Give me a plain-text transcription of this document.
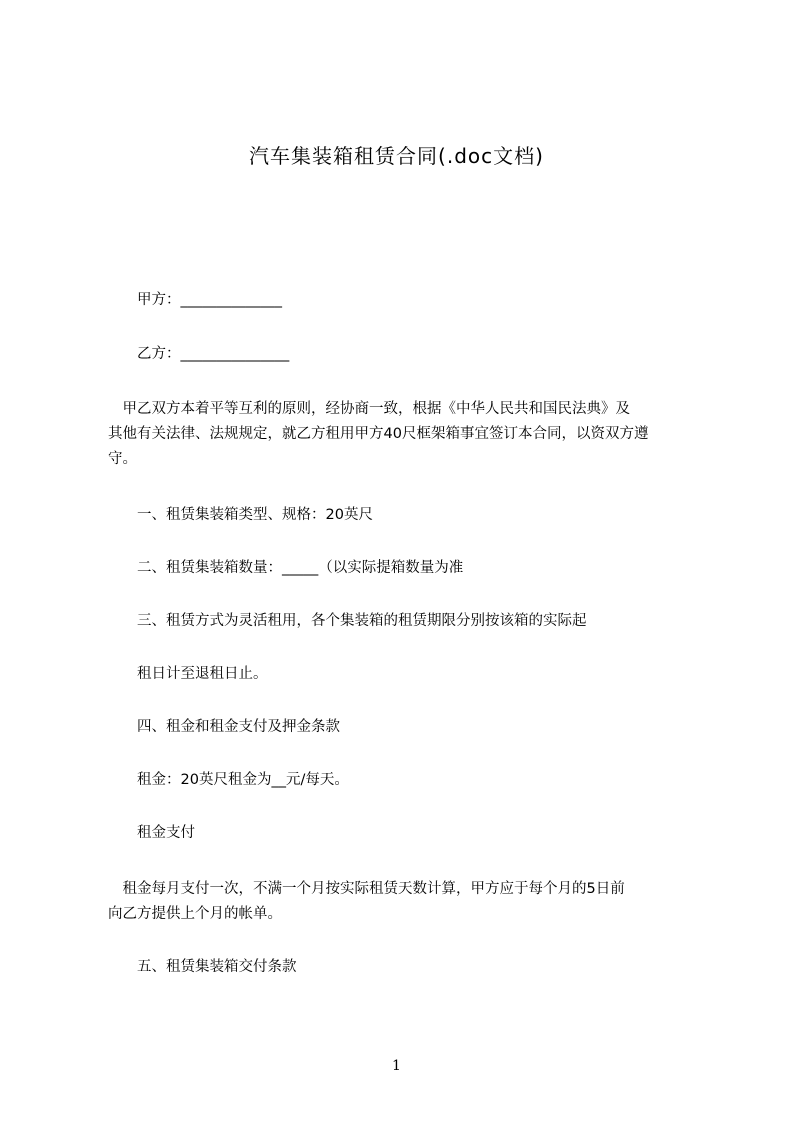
汽车集装箱租赁合同(.doc文档)
甲方：______________
乙方：_______________
　甲乙双方本着平等互利的原则，经协商一致，根据《中华人民共和国民法典》及
其他有关法律、法规规定，就乙方租用甲方40尺框架箱事宜签订本合同，以资双方遵
守。
一、租赁集装箱类型、规格：20英尺
二、租赁集装箱数量：_____（以实际提箱数量为准
三、租赁方式为灵活租用，各个集装箱的租赁期限分别按该箱的实际起
租日计至退租日止。
四、租金和租金支付及押金条款
租金：20英尺租金为__元/每天。
租金支付
　租金每月支付一次，不满一个月按实际租赁天数计算，甲方应于每个月的5日前
向乙方提供上个月的帐单。
五、租赁集装箱交付条款
1
